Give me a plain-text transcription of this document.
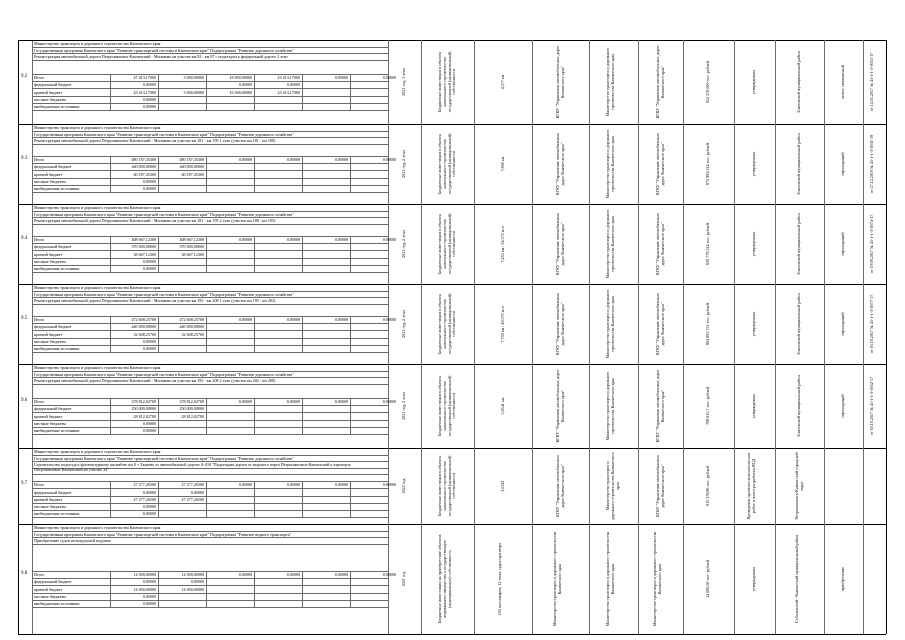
Министерство транспорта и дорожного строительства Камчатского края
Государственная программа Камчатского края "Развитие транспортной системы в Камчатском крае" Подпрограмма "Развитие дорожного хозяйства"
Реконструкция автомобильной дороги Петропавловск-Камчатский - Мильково на участке км 82 - км 87 с подъездом к федеральной дороге 2 этап
Итого	47 413,17000	3 000,00000	18 000,00000	23 413,17000	0,00000	0,00000
федеральный бюджет	0,00000	0,00000	0,00000
краевой бюджет	43 413,17000	3 000,00000	16 500,00000	23 413,17000
местные бюджеты	0,00000
внебюджетные источники	0,00000
9.2	2021 год, 1 этап	Бюджетные инвестиции в объекты капитального строительства государственной (муниципальной) собственности	4,577 км	КГКУ "Управление автомобильных дорог Камчатского края"	Министерство транспорта и дорожного строительства Камчатского края	КГКУ "Управление автомобильных дорог Камчатского края"	952 270,000 тыс. рублей	утвержденная	Елизовский муниципальный район	новое, начинаемый	от 14.05.2017 № 41-1-1-3-0055-17
Министерство транспорта и дорожного строительства Камчатского края
Государственная программа Камчатского края "Развитие транспортной системы в Камчатском крае" Подпрограмма "Развитие дорожного хозяйства"
Реконструкция автомобильной дороги Петропавловск-Камчатский - Мильково на участке км 181 - км 195 1 этап (участок км 181 - км 188)
Итого	480 187,45300	480 187,45300	0,00000	0,00000	0,00000	0,00000
федеральный бюджет	440 000,00000	440 000,00000
краевой бюджет	40 187,45300	40 187,45300
местные бюджеты	0,00000
внебюджетные источники	0,00000
9.3	2021 год, 2 этап	Бюджетные инвестиции в объекты капитального строительства государственной (муниципальной) собственности	7,800 км	КГКУ "Управление автомобильных дорог Камчатского края"	Министерство транспорта и дорожного строительства Камчатского края	КГКУ "Управление автомобильных дорог Камчатского края"	872 893,534 тыс. рублей	утвержденная	Елизовский муниципальный район	переходящий	от 27.12.2019 № 41-1-1-3-0031-19
Министерство транспорта и дорожного строительства Камчатского края
Государственная программа Камчатского края "Развитие транспортной системы в Камчатском крае" Подпрограмма "Развитие дорожного хозяйства"
Реконструкция автомобильной дороги Петропавловск-Камчатский - Мильково на участке км 181 - км 195 2 этап (участок км 188 - км 195)
Итого	408 667,12300	408 667,12300	0,00000	0,00000	0,00000	0,00000
федеральный бюджет	370 000,00000	370 000,00000
краевой бюджет	38 667,12300	38 667,12300
местные бюджеты	0,00000
внебюджетные источники	0,00000
9.4	2021 год, 2 этап	Бюджетные инвестиции в объекты капитального строительства государственной (муниципальной) собственности	7,235 км / 34,375 м.п.	КГКУ "Управление автомобильных дорог Камчатского края"	Министерство транспорта и дорожного строительства Камчатского края	КГКУ "Управление автомобильных дорог Камчатского края"	830 779,534 тыс. рублей	утвержденная	Елизовский муниципальный район	переходящий	от 19.09.2017 № 41-1-1-3-0074-17
Министерство транспорта и дорожного строительства Камчатского края
Государственная программа Камчатского края "Развитие транспортной системы в Камчатском крае" Подпрограмма "Развитие дорожного хозяйства"
Реконструкция автомобильной дороги Петропавловск-Камчатский - Мильково на участке км 195 - км 208 1 этап (участок км 195 - км 202)
Итого	472 608,25700	472 608,25700	0,00000	0,00000	0,00000	0,00000
федеральный бюджет	440 000,00000	440 000,00000
краевой бюджет	32 608,25700	32 608,25700
местные бюджеты	0,00000
внебюджетные источники	0,00000
9.5	2021 год, 2 этап	Бюджетные инвестиции в объекты капитального строительства государственной (муниципальной) собственности	7,758 км / 49,570 м.п.	КГКУ "Управление автомобильных дорог Камчатского края"	Министерство транспорта и дорожного строительства Камчатского края	КГКУ "Управление автомобильных дорог Камчатского края"	864 895,751 тыс. рублей	утвержденная	Елизовский муниципальный район	переходящий	от 16.10.2017 № 41-1-1-3-0077-17
Министерство транспорта и дорожного строительства Камчатского края
Государственная программа Камчатского края "Развитие транспортной системы в Камчатском крае" Подпрограмма "Развитие дорожного хозяйства"
Реконструкция автомобильной дороги Петропавловск-Камчатский - Мильково на участке км 195 - км 208 2 этап (участок км 202 - км 208)
Итого	278 812,02700	278 812,02700	0,00000	0,00000	0,00000	0,00000
федеральный бюджет	250 000,00000	250 000,00000
краевой бюджет	28 812,02700	28 812,02700
местные бюджеты	0,00000
внебюджетные источники	0,00000
9.6	2021 год, 2 этап	Бюджетные инвестиции в объекты капитального строительства государственной (муниципальной) собственности	5,6541 км	КГКУ "Управление автомобильных дорог Камчатского края"	Министерство транспорта и дорожного строительства Камчатского края	КГКУ "Управление автомобильных дорог Камчатского края"	708 615,7 тыс. рублей	утвержденная	Елизовский муниципальный район	переходящий	от 30.10.2017 № 41-1-1-3-0052-17
Министерство транспорта и дорожного строительства Камчатского края
Государственная программа Камчатского края "Развитие транспортной системы в Камчатском крае" Подпрограмма "Развитие дорожного хозяйства"
Строительство подъезда к архитектурному ансамблю км 0 + Ткачево от автомобильной дороги А-410 "Подъездная дорога от морского порта Петропавловск-Камчатский к аэропорту Петропавловск-Камчатский на участке 34"
Итого	27 277,26500	27 277,26500	0,00000	0,00000	0,00000	0,00000
федеральный бюджет	0,00000	0,00000
краевой бюджет	27 277,26500	27 277,26500
местные бюджеты	0,00000
внебюджетные источники	0,00000
9.7	2022 год	Бюджетные инвестиции в объекты капитального строительства государственной (муниципальной) собственности	3,0341	КГКУ "Управление автомобильных дорог Камчатского края"	Министерство транспорта и дорожного строительства Камчатского края	КГКУ "Управление автомобильных дорог Камчатского края"	915 378,86 тыс. рублей	Проведение проектно-изыскательских работ и поиск разработки ПСД	Петропавловск-Камчатский городской округ
Министерство транспорта и дорожного строительства Камчатского края
Государственная программа Камчатского края "Развитие транспортной системы в Камчатском крае" Подпрограмма "Развитие водного транспорта"
Приобретение судов на воздушной подушке
Итого	14 000,00000	14 000,00000	0,00000	0,00000	0,00000	0,00000
федеральный бюджет	0,00000	0,00000
краевой бюджет	14 000,00000	14 000,00000
местные бюджеты	0,00000
внебюджетные источники	0,00000
9.8	2021 год	Бюджетные инвестиции на приобретение объектов недвижимого имущества в государственную (муниципальную) собственность	250 пассажиров, 12 тонн, судов при ветре	Министерство транспорта и дорожного строительства Камчатского края	Министерство транспорта и дорожного строительства Камчатского края	Министерство транспорта и дорожного строительства Камчатского края	14 000,00 тыс. рублей	утвержденная	Соболевский - Камчатский муниципальный район	приобретение
